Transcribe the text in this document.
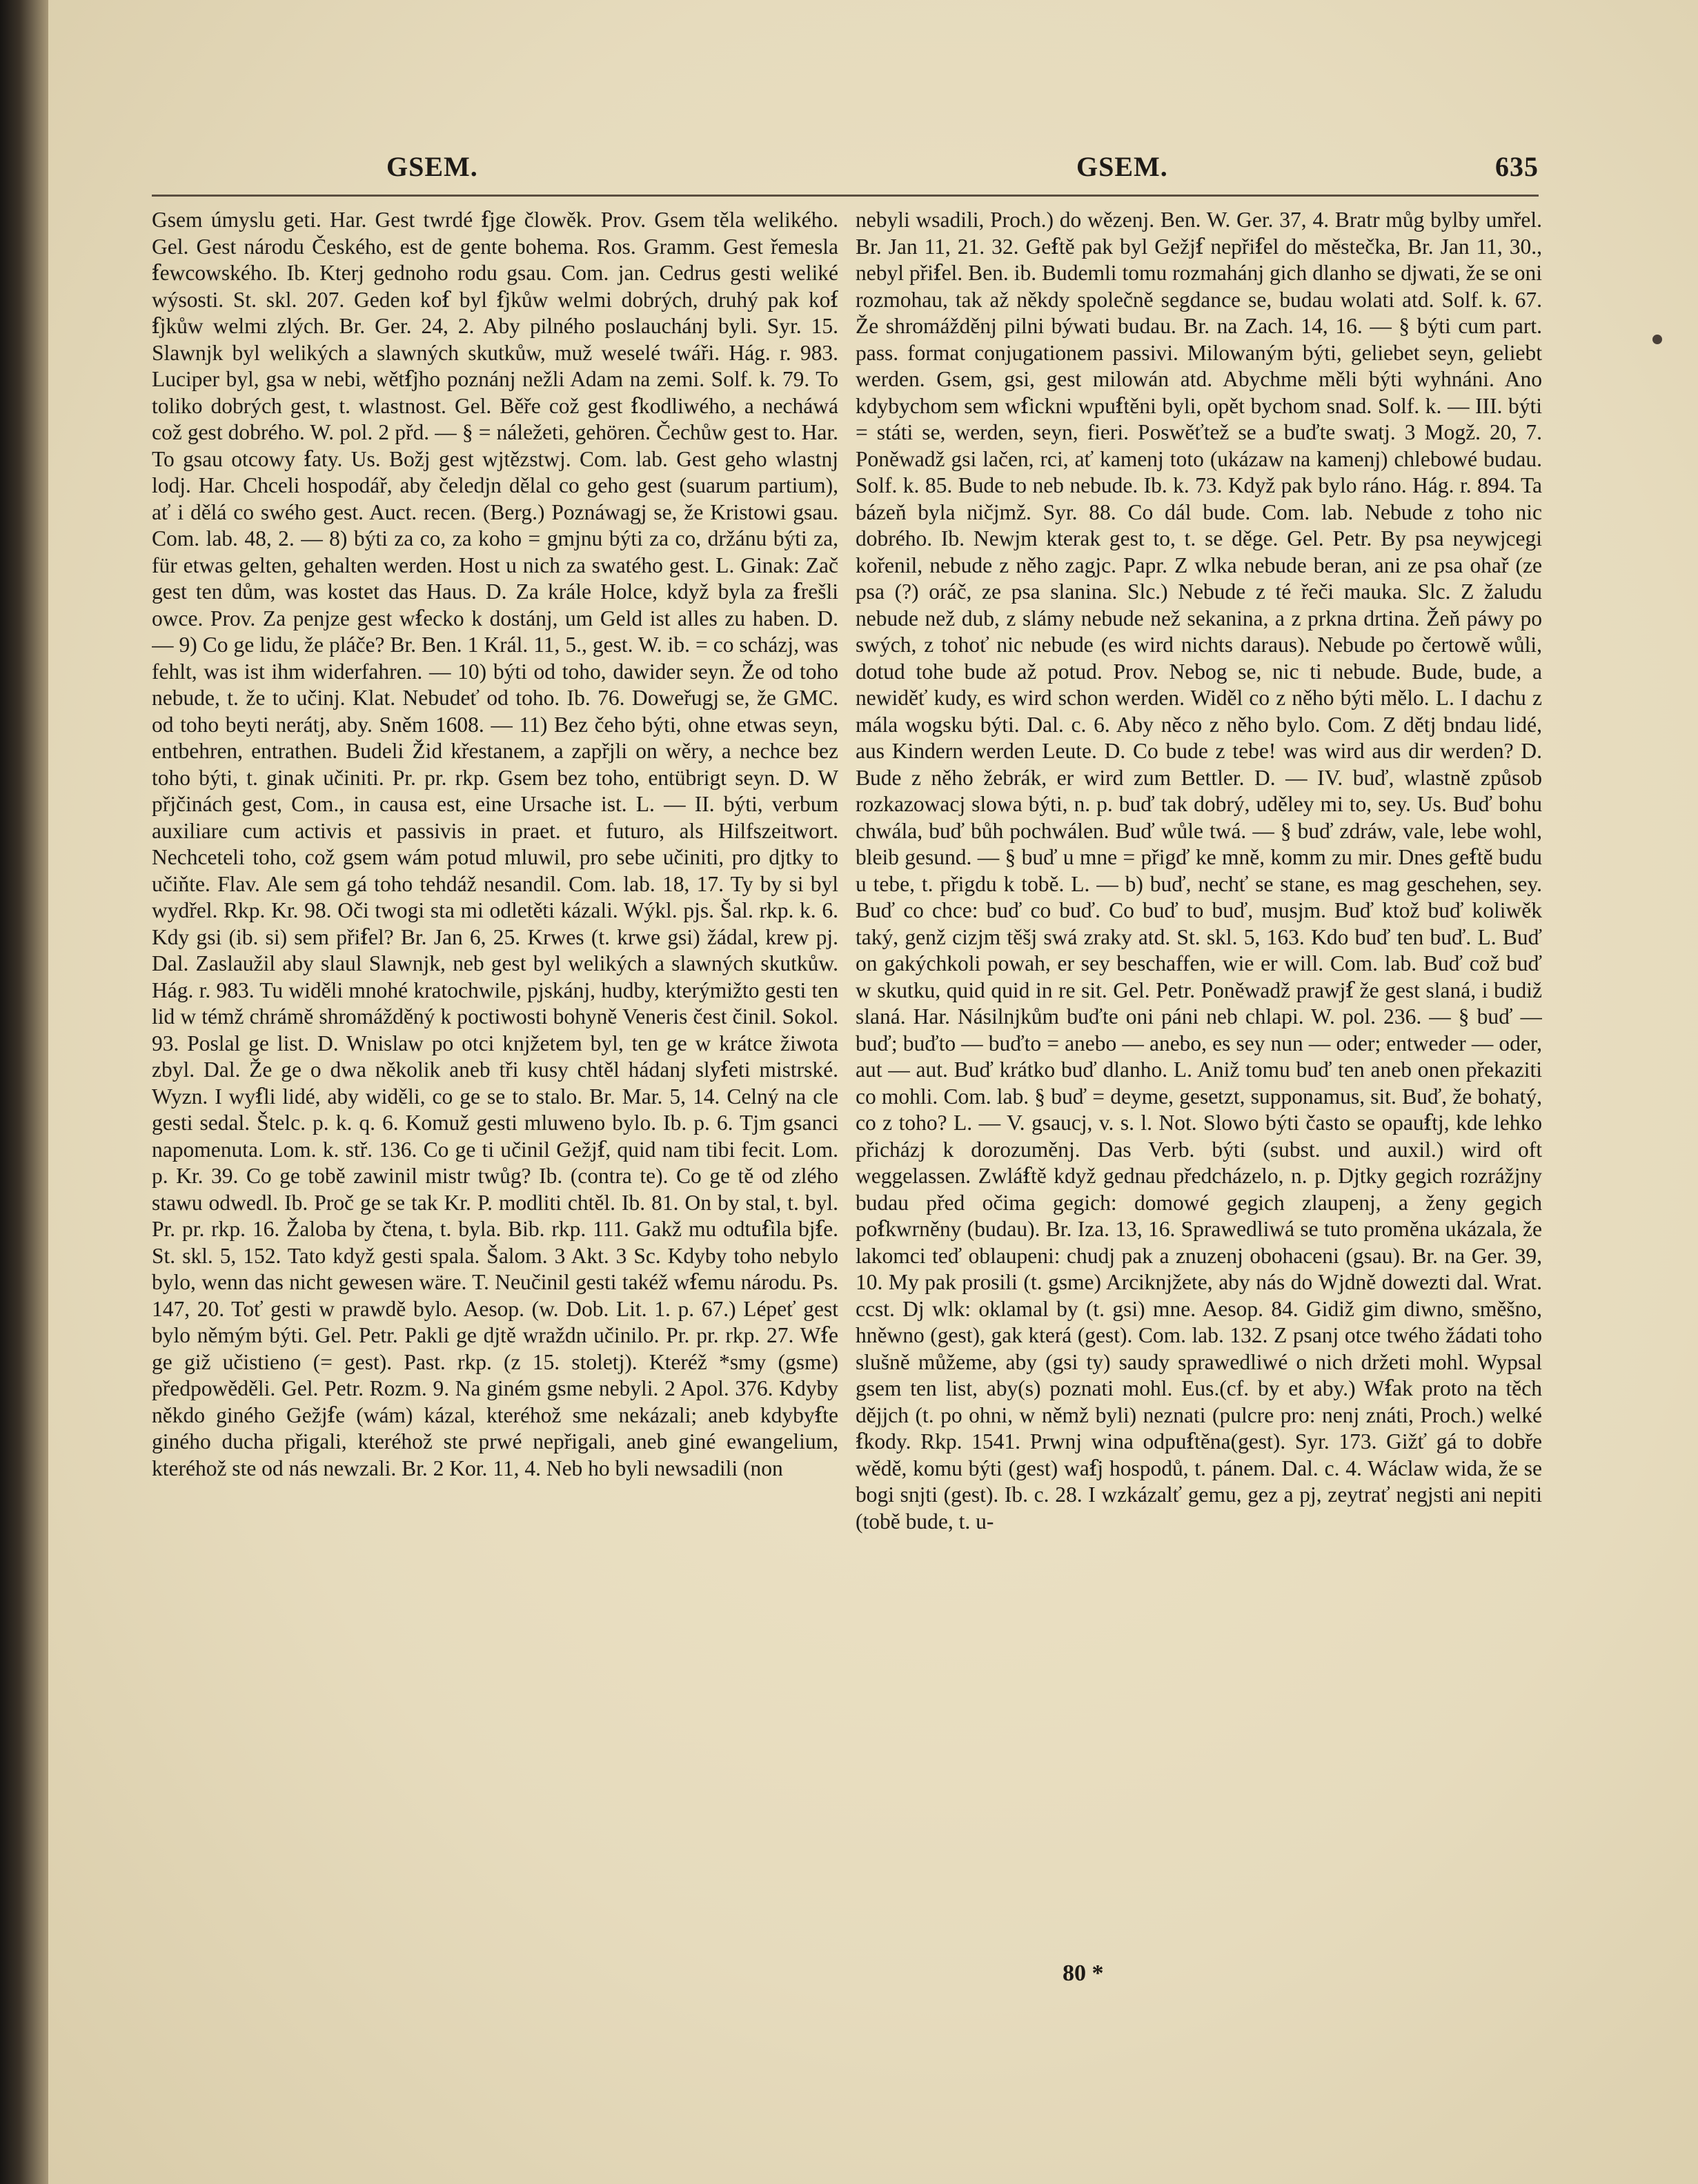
GSEM.	GSEM.	635

Gsem úmyslu geti. Har. Gest twrdé ẜjge člowěk. Prov. Gsem těla welikého. Gel. Gest národu Českého, est de gente bohema. Ros. Gramm. Gest řemesla ẜewcowského. Ib. Kterj gednoho rodu gsau. Com. jan. Cedrus gesti weliké wýsosti. St. skl. 207. Geden koẜ byl ẜjkůw welmi dobrých, druhý pak koẜ ẜjkůw welmi zlých. Br. Ger. 24, 2. Aby pilného poslauchánj byli. Syr. 15. Slawnjk byl welikých a slawných skutkůw, muž weselé twáři. Hág. r. 983. Luciper byl, gsa w nebi, wětẜjho poznánj nežli Adam na zemi. Solf. k. 79. To toliko dobrých gest, t. wlastnost. Gel. Běře což gest ẜkodliwého, a necháwá což gest dobrého. W. pol. 2 přd. — § = náležeti, gehören. Čechůw gest to. Har. To gsau otcowy ẜaty. Us. Božj gest wjtězstwj. Com. lab. Gest geho wlastnj lodj. Har. Chceli hospodář, aby čeledjn dělal co geho gest (suarum partium), ať i dělá co swého gest. Auct. recen. (Berg.) Poznáwagj se, že Kristowi gsau. Com. lab. 48, 2. — 8) býti za co, za koho = gmjnu býti za co, držánu býti za, für etwas gelten, gehalten werden. Host u nich za swatého gest. L. Ginak: Zač gest ten dům, was kostet das Haus. D. Za krále Holce, když byla za ẜrešli owce. Prov. Za penjze gest wẜecko k dostánj, um Geld ist alles zu haben. D. — 9) Co ge lidu, že pláče? Br. Ben. 1 Král. 11, 5., gest. W. ib. = co scházj, was fehlt, was ist ihm widerfahren. — 10) býti od toho, dawider seyn. Že od toho nebude, t. že to učinj. Klat. Nebudeť od toho. Ib. 76. Doweřugj se, že GMC. od toho beyti nerátj, aby. Sněm 1608. — 11) Bez čeho býti, ohne etwas seyn, entbehren, entrathen. Budeli Žid křestanem, a zapřjli on wěry, a nechce bez toho býti, t. ginak učiniti. Pr. pr. rkp. Gsem bez toho, entübrigt seyn. D. W přjčinách gest, Com., in causa est, eine Ursache ist. L. — II. býti, verbum auxiliare cum activis et passivis in praet. et futuro, als Hilfszeitwort. Nechceteli toho, což gsem wám potud mluwil, pro sebe učiniti, pro djtky to učiňte. Flav. Ale sem gá toho tehdáž nesandil. Com. lab. 18, 17. Ty by si byl wydřel. Rkp. Kr. 98. Oči twogi sta mi odletěti kázali. Wýkl. pjs. Šal. rkp. k. 6. Kdy gsi (ib. si) sem přiẜel? Br. Jan 6, 25. Krwes (t. krwe gsi) žádal, krew pj. Dal. Zaslaužil aby slaul Slawnjk, neb gest byl welikých a slawných skutkůw. Hág. r. 983. Tu widěli mnohé kratochwile, pjskánj, hudby, kterýmižto gesti ten lid w témž chrámě shromážděný k poctiwosti bohyně Veneris čest činil. Sokol. 93. Poslal ge list. D. Wnislaw po otci knjžetem byl, ten ge w krátce žiwota zbyl. Dal. Že ge o dwa několik aneb tři kusy chtěl hádanj slyẜeti mistrské. Wyzn. I wyẜli lidé, aby widěli, co ge se to stalo. Br. Mar. 5, 14. Celný na cle gesti sedal. Štelc. p. k. q. 6. Komuž gesti mluweno bylo. Ib. p. 6. Tjm gsanci napomenuta. Lom. k. stř. 136. Co ge ti učinil Gežjẜ, quid nam tibi fecit. Lom. p. Kr. 39. Co ge tobě zawinil mistr twůg? Ib. (contra te). Co ge tě od zlého stawu odwedl. Ib. Proč ge se tak Kr. P. modliti chtěl. Ib. 81. On by stal, t. byl. Pr. pr. rkp. 16. Žaloba by čtena, t. byla. Bib. rkp. 111. Gakž mu odtuẜila bjẜe. St. skl. 5, 152. Tato když gesti spala. Šalom. 3 Akt. 3 Sc. Kdyby toho nebylo bylo, wenn das nicht gewesen wäre. T. Neučinil gesti takéž wẜemu národu. Ps. 147, 20. Toť gesti w prawdě bylo. Aesop. (w. Dob. Lit. 1. p. 67.) Lépeť gest bylo němým býti. Gel. Petr. Pakli ge djtě wraždn učinilo. Pr. pr. rkp. 27. Wẜe ge giž učistieno (= gest). Past. rkp. (z 15. stoletj). Kteréž *smy (gsme) předpowěděli. Gel. Petr. Rozm. 9. Na giném gsme nebyli. 2 Apol. 376. Kdyby někdo giného Gežjẜe (wám) kázal, kteréhož sme nekázali; aneb kdybyẜte giného ducha přigali, kteréhož ste prwé nepřigali, aneb giné ewangelium, kteréhož ste od nás newzali. Br. 2 Kor. 11, 4. Neb ho byli newsadili (non

nebyli wsadili, Proch.) do wězenj. Ben. W. Ger. 37, 4. Bratr můg bylby umřel. Br. Jan 11, 21. 32. Geẜtě pak byl Gežjẜ nepřiẜel do městečka, Br. Jan 11, 30., nebyl přiẜel. Ben. ib. Budemli tomu rozmahánj gich dlanho se djwati, že se oni rozmohau, tak až někdy společně segdance se, budau wolati atd. Solf. k. 67. Že shromážděnj pilni býwati budau. Br. na Zach. 14, 16. — § býti cum part. pass. format conjugationem passivi. Milowaným býti, geliebet seyn, geliebt werden. Gsem, gsi, gest milowán atd. Abychme měli býti wyhnáni. Ano kdybychom sem wẜickni wpuẜtěni byli, opět bychom snad. Solf. k. — III. býti = státi se, werden, seyn, fieri. Poswěťtež se a buďte swatj. 3 Mogž. 20, 7. Poněwadž gsi lačen, rci, ať kamenj toto (ukázaw na kamenj) chlebowé budau. Solf. k. 85. Bude to neb nebude. Ib. k. 73. Když pak bylo ráno. Hág. r. 894. Ta bázeň byla ničjmž. Syr. 88. Co dál bude. Com. lab. Nebude z toho nic dobrého. Ib. Newjm kterak gest to, t. se děge. Gel. Petr. By psa neywjcegi kořenil, nebude z něho zagjc. Papr. Z wlka nebude beran, ani ze psa ohař (ze psa (?) oráč, ze psa slanina. Slc.) Nebude z té řeči mauka. Slc. Z žaludu nebude než dub, z slámy nebude než sekanina, a z prkna drtina. Žeň páwy po swých, z tohoť nic nebude (es wird nichts daraus). Nebude po čertowě wůli, dotud tohe bude až potud. Prov. Nebog se, nic ti nebude. Bude, bude, a newiděť kudy, es wird schon werden. Widěl co z něho býti mělo. L. I dachu z mála wogsku býti. Dal. c. 6. Aby něco z něho bylo. Com. Z dětj bndau lidé, aus Kindern werden Leute. D. Co bude z tebe! was wird aus dir werden? D. Bude z něho žebrák, er wird zum Bettler. D. — IV. buď, wlastně způsob rozkazowacj slowa býti, n. p. buď tak dobrý, uděley mi to, sey. Us. Buď bohu chwála, buď bůh pochwálen. Buď wůle twá. — § buď zdráw, vale, lebe wohl, bleib gesund. — § buď u mne = přigď ke mně, komm zu mir. Dnes geẜtě budu u tebe, t. přigdu k tobě. L. — b) buď, nechť se stane, es mag geschehen, sey. Buď co chce: buď co buď. Co buď to buď, musjm. Buď ktož buď koliwěk taký, genž cizjm těšj swá zraky atd. St. skl. 5, 163. Kdo buď ten buď. L. Buď on gakýchkoli powah, er sey beschaffen, wie er will. Com. lab. Buď což buď w skutku, quid quid in re sit. Gel. Petr. Poněwadž prawjẜ že gest slaná, i budiž slaná. Har. Násilnjkům buďte oni páni neb chlapi. W. pol. 236. — § buď — buď; buďto — buďto = anebo — anebo, es sey nun — oder; entweder — oder, aut — aut. Buď krátko buď dlanho. L. Aniž tomu buď ten aneb onen překaziti co mohli. Com. lab. § buď = deyme, gesetzt, supponamus, sit. Buď, že bohatý, co z toho? L. — V. gsaucj, v. s. l. Not. Slowo býti často se opauẜtj, kde lehko přicházj k dorozuměnj. Das Verb. býti (subst. und auxil.) wird oft weggelassen. Zwláẜtě když gednau předcházelo, n. p. Djtky gegich rozrážjny budau před očima gegich: domowé gegich zlaupenj, a ženy gegich poẜkwrněny (budau). Br. Iza. 13, 16. Sprawedliwá se tuto proměna ukázala, že lakomci teď oblaupeni: chudj pak a znuzenj obohaceni (gsau). Br. na Ger. 39, 10. My pak prosili (t. gsme) Arciknjžete, aby nás do Wjdně dowezti dal. Wrat. ccst. Dj wlk: oklamal by (t. gsi) mne. Aesop. 84. Gidiž gim diwno, směšno, hněwno (gest), gak která (gest). Com. lab. 132. Z psanj otce twého žádati toho slušně můžeme, aby (gsi ty) saudy sprawedliwé o nich držeti mohl. Wypsal gsem ten list, aby(s) poznati mohl. Eus.(cf. by et aby.) Wẜak proto na těch dějjch (t. po ohni, w němž byli) neznati (pulcre pro: nenj znáti, Proch.) welké ẜkody. Rkp. 1541. Prwnj wina odpuẜtěna(gest). Syr. 173. Gižť gá to dobře wědě, komu býti (gest) waẜj hospodů, t. pánem. Dal. c. 4. Wáclaw wida, že se bogi snjti (gest). Ib. c. 28. I wzkázalť gemu, gez a pj, zeytrať negjsti ani nepiti (tobě bude, t. u-

80 *
